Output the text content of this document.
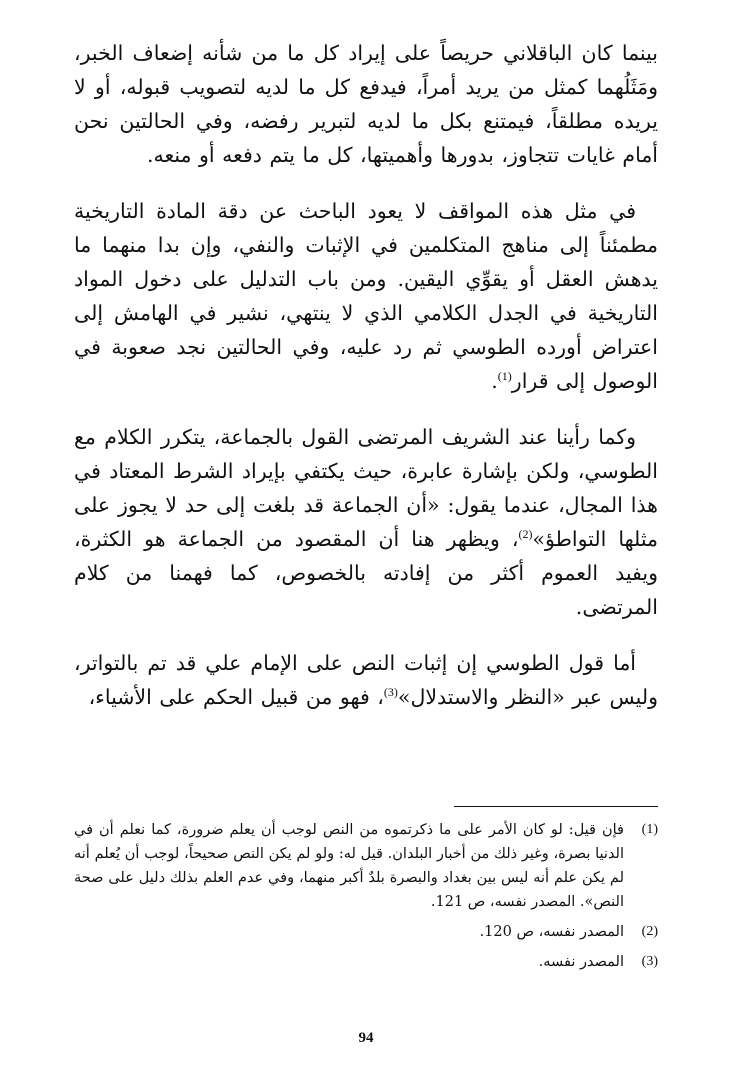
بينما كان الباقلاني حريصاً على إيراد كل ما من شأنه إضعاف الخبر، ومَثَلُهما كمثل من يريد أمراً، فيدفع كل ما لديه لتصويب قبوله، أو لا يريده مطلقاً، فيمتنع بكل ما لديه لتبرير رفضه، وفي الحالتين نحن أمام غايات تتجاوز، بدورها وأهميتها، كل ما يتم دفعه أو منعه.

في مثل هذه المواقف لا يعود الباحث عن دقة المادة التاريخية مطمئناً إلى مناهج المتكلمين في الإثبات والنفي، وإن بدا منهما ما يدهش العقل أو يقوِّي اليقين. ومن باب التدليل على دخول المواد التاريخية في الجدل الكلامي الذي لا ينتهي، نشير في الهامش إلى اعتراض أورده الطوسي ثم رد عليه، وفي الحالتين نجد صعوبة في الوصول إلى قرار$^{(1)}$.

وكما رأينا عند الشريف المرتضى القول بالجماعة، يتكرر الكلام مع الطوسي، ولكن بإشارة عابرة، حيث يكتفي بإيراد الشرط المعتاد في هذا المجال، عندما يقول: «أن الجماعة قد بلغت إلى حد لا يجوز على مثلها التواطؤ»$^{(2)}$، ويظهر هنا أن المقصود من الجماعة هو الكثرة، ويفيد العموم أكثر من إفادته بالخصوص، كما فهمنا من كلام المرتضى.

أما قول الطوسي إن إثبات النص على الإمام علي قد تم بالتواتر، وليس عبر «النظر والاستدلال»$^{(3)}$، فهو من قبيل الحكم على الأشياء،

(1)
فإن قيل: لو كان الأمر على ما ذكرتموه من النص لوجب أن يعلم ضرورة، كما نعلم أن في الدنيا بصرة، وغير ذلك من أخبار البلدان. قيل له: ولو لم يكن النص صحيحاً، لوجب أن يُعلم أنه لم يكن علم أنه ليس بين بغداد والبصرة بلدٌ أكبر منهما، وفي عدم العلم بذلك دليل على صحة النص». المصدر نفسه، ص 121.
(2)
المصدر نفسه، ص 120.
(3)
المصدر نفسه.
94
